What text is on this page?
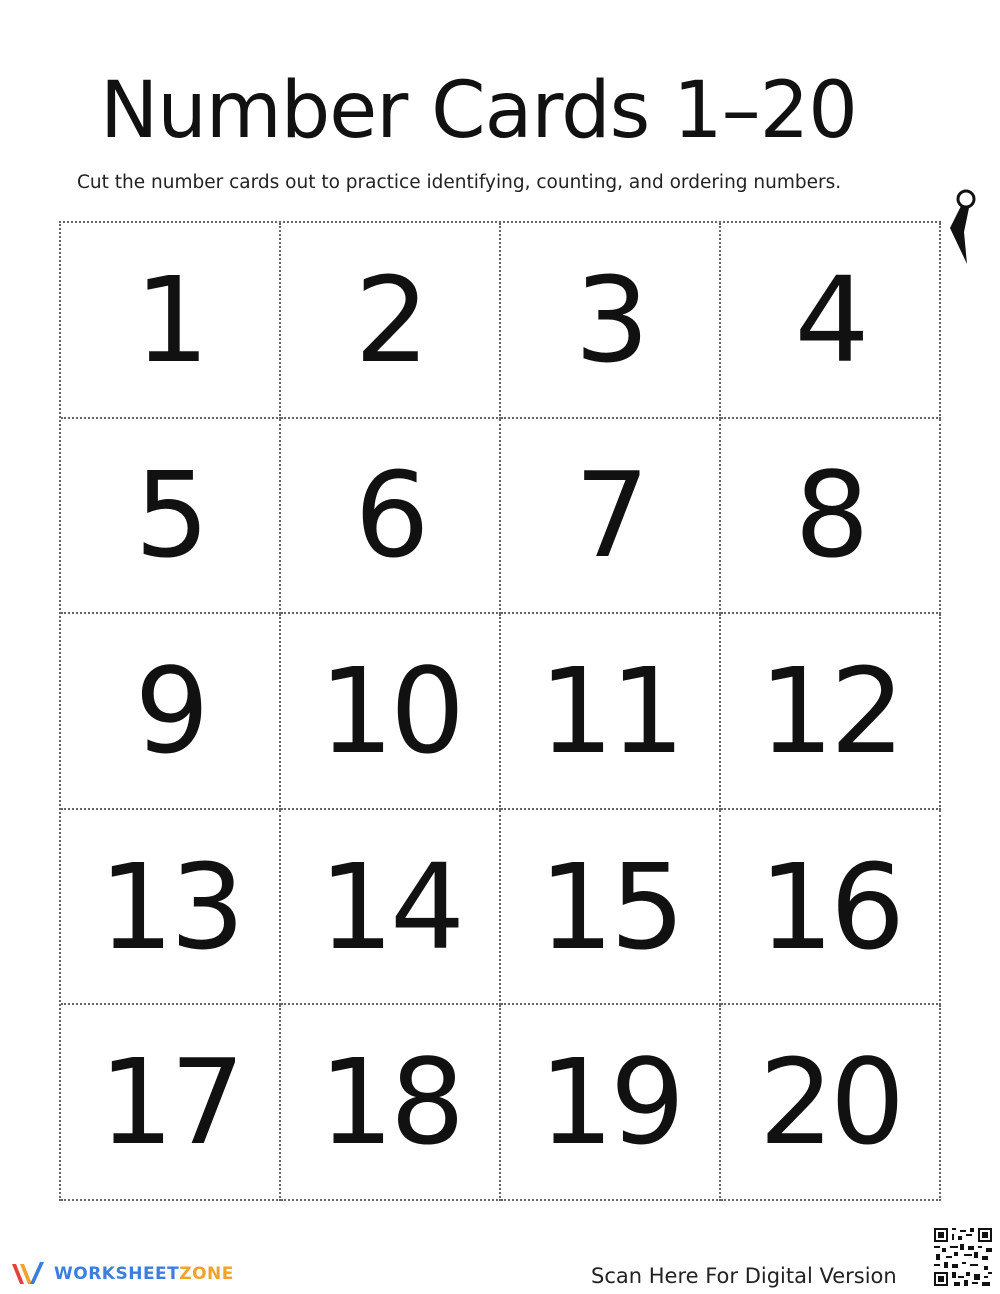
Number Cards 1–20
Cut the number cards out to practice identifying, counting, and ordering numbers.
1 2 3 4
5 6 7 8
9 10 11 12
13 14 15 16
17 18 19 20
WORKSHEETZONE	Scan Here For Digital Version
